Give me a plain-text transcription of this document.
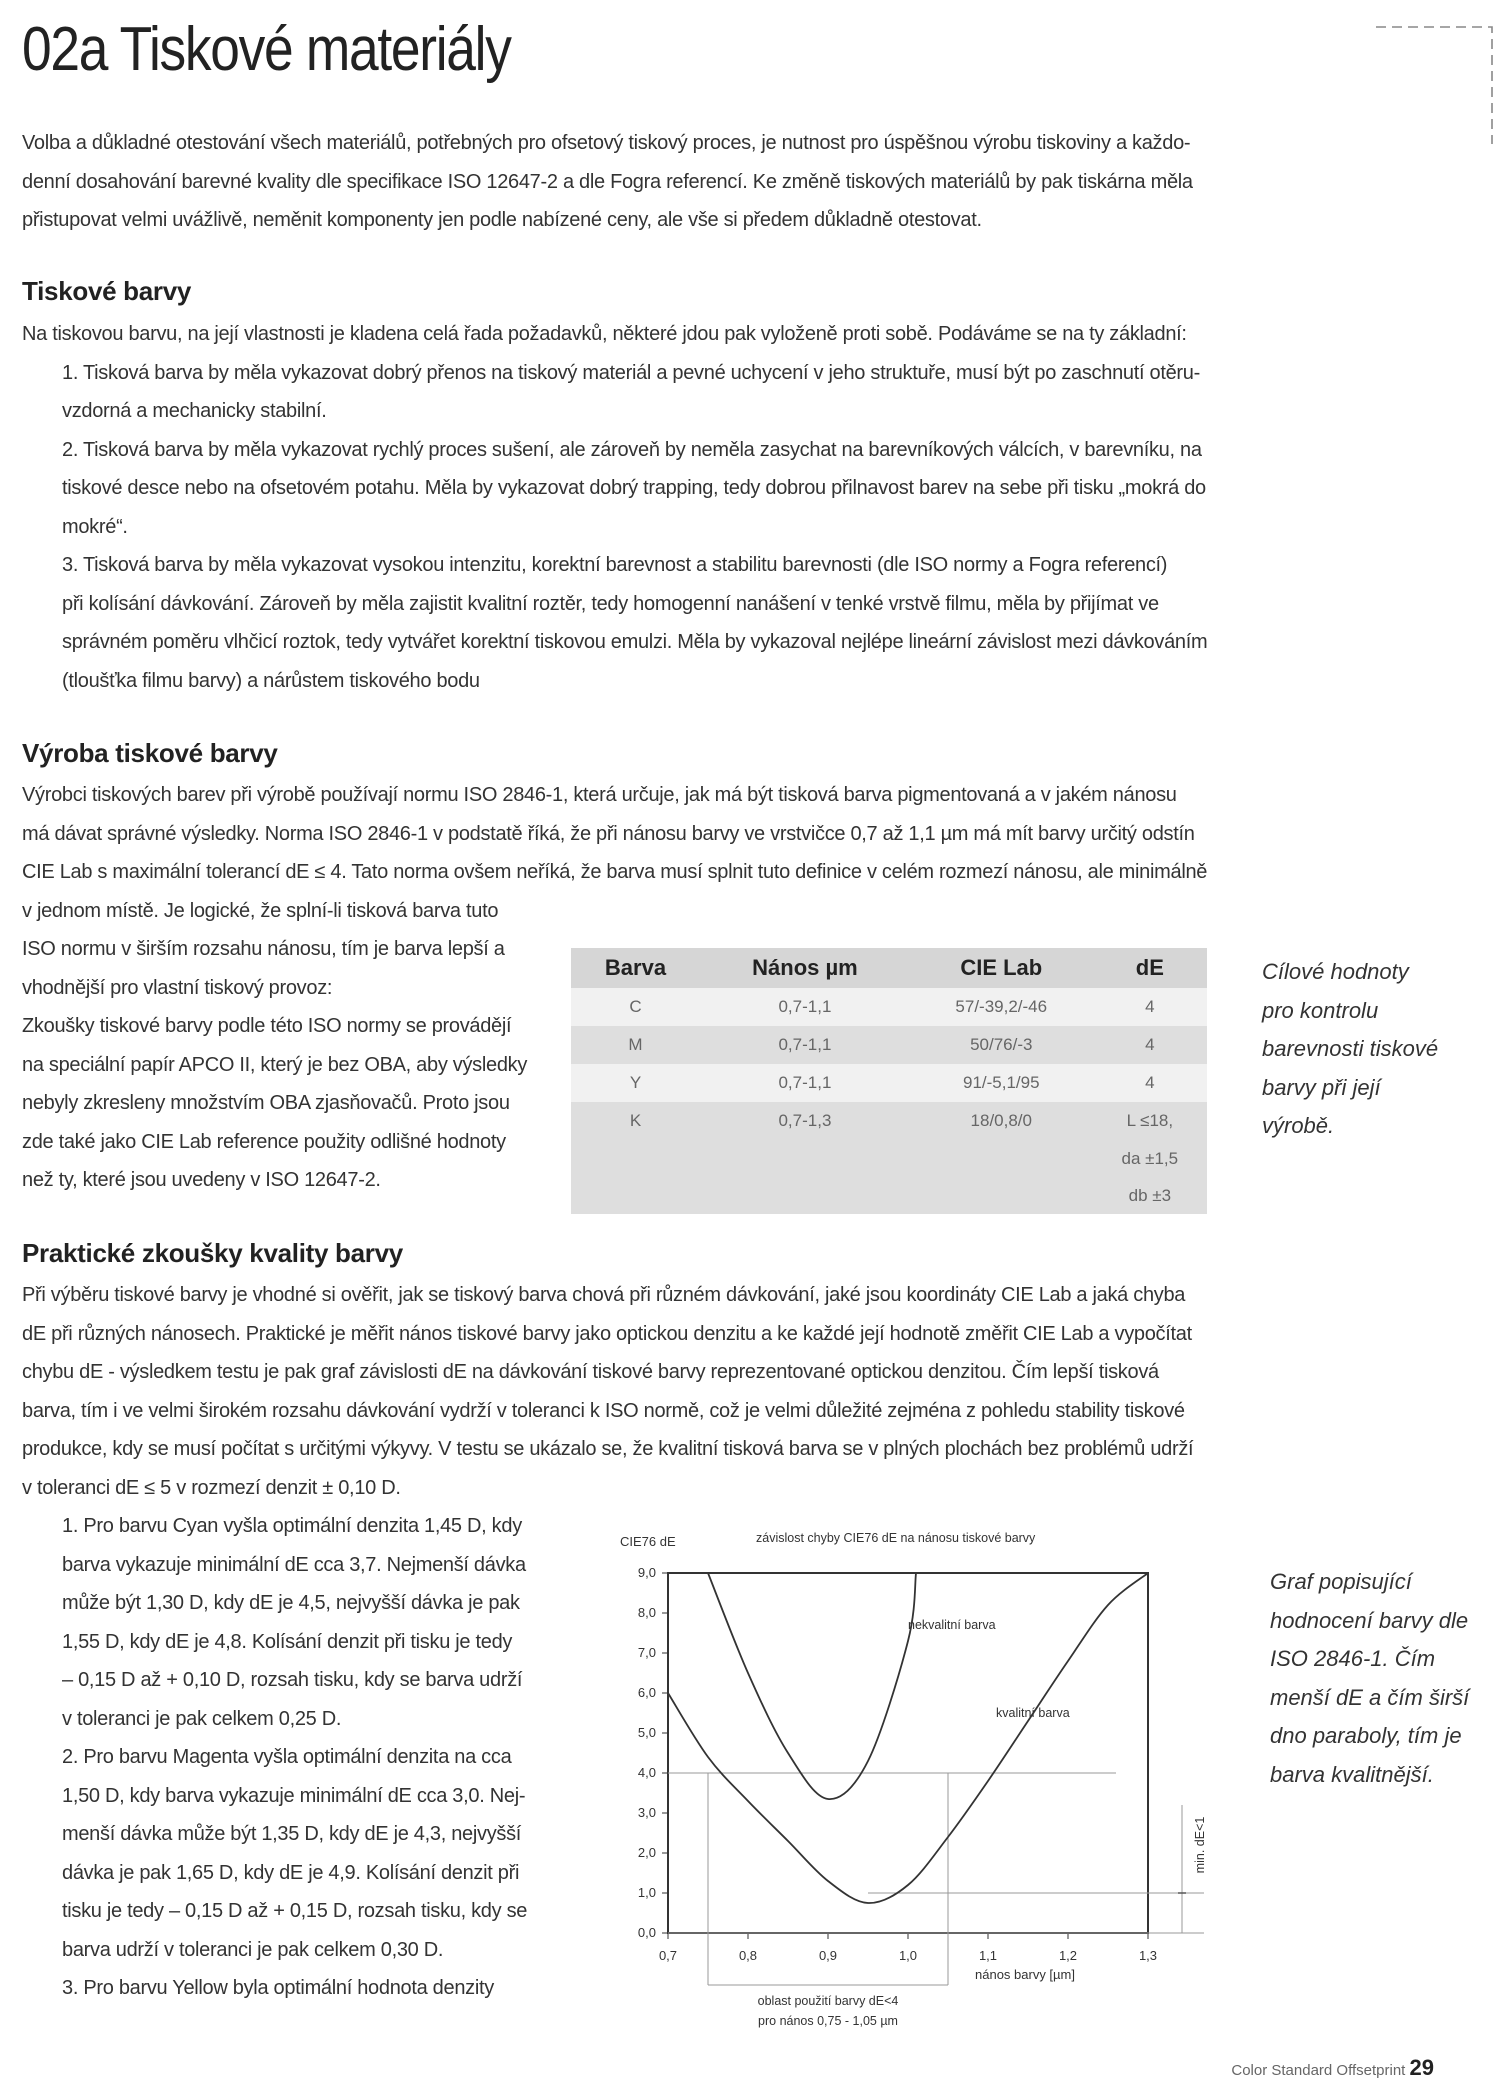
02a Tiskové materiály

Volba a důkladné otestování všech materiálů, potřebných pro ofsetový tiskový proces, je nutnost pro úspěšnou výrobu tiskoviny a každo-

denní dosahování barevné kvality dle specifikace ISO 12647-2 a dle Fogra referencí. Ke změně tiskových materiálů by pak tiskárna měla

přistupovat velmi uvážlivě, neměnit komponenty jen podle nabízené ceny, ale vše si předem důkladně otestovat.

Tiskové barvy

Na tiskovou barvu, na její vlastnosti je kladena celá řada požadavků, některé jdou pak vyloženě proti sobě. Podáváme se na ty základní:

1. Tisková barva by měla vykazovat dobrý přenos na tiskový materiál a pevné uchycení v jeho struktuře, musí být po zaschnutí otěru-

vzdorná a mechanicky stabilní.

2. Tisková barva by měla vykazovat rychlý proces sušení, ale zároveň by neměla zasychat na barevníkových válcích, v barevníku, na

tiskové desce nebo na ofsetovém potahu. Měla by vykazovat dobrý trapping, tedy dobrou přilnavost barev na sebe při tisku „mokrá do

mokré“.

3. Tisková barva by měla vykazovat vysokou intenzitu, korektní barevnost a stabilitu barevnosti (dle ISO normy a Fogra referencí)

při kolísání dávkování. Zároveň by měla zajistit kvalitní roztěr, tedy homogenní nanášení v tenké vrstvě filmu, měla by přijímat ve

správném poměru vlhčicí roztok, tedy vytvářet korektní tiskovou emulzi. Měla by vykazoval nejlépe lineární závislost mezi dávkováním

(tloušťka filmu barvy) a nárůstem tiskového bodu

Výroba tiskové barvy

Výrobci tiskových barev při výrobě používají normu ISO 2846-1, která určuje, jak má být tisková barva pigmentovaná a v jakém nánosu

má dávat správné výsledky. Norma ISO 2846-1 v podstatě říká, že při nánosu barvy ve vrstvičce 0,7 až 1,1 µm má mít barvy určitý odstín

CIE Lab s maximální tolerancí dE ≤ 4. Tato norma ovšem neříká, že barva musí splnit tuto definice v celém rozmezí nánosu, ale minimálně

v jednom místě. Je logické, že splní-li tisková barva tuto

ISO normu v širším rozsahu nánosu, tím je barva lepší a

vhodnější pro vlastní tiskový provoz:

Zkoušky tiskové barvy podle této ISO normy se provádějí

na speciální papír APCO II, který je bez OBA, aby výsledky

nebyly zkresleny množstvím OBA zjasňovačů. Proto jsou

zde také jako CIE Lab reference použity odlišné hodnoty

než ty, které jsou uvedeny v ISO 12647-2.

Barva	Nános µm	CIE Lab	dE
C	0,7-1,1	57/-39,2/-46	4
M	0,7-1,1	50/76/-3	4
Y	0,7-1,1	91/-5,1/95	4
K	0,7-1,3	18/0,8/0	L ≤18,
			da ±1,5
			db ±3
Cílové hodnoty
pro kontrolu
barevnosti tiskové
barvy při její
výrobě.
Praktické zkoušky kvality barvy

Při výběru tiskové barvy je vhodné si ověřit, jak se tiskový barva chová při různém dávkování, jaké jsou koordináty CIE Lab a jaká chyba

dE při různých nánosech. Praktické je měřit nános tiskové barvy jako optickou denzitu a ke každé její hodnotě změřit CIE Lab a vypočítat

chybu dE - výsledkem testu je pak graf závislosti dE na dávkování tiskové barvy reprezentované optickou denzitou. Čím lepší tisková

barva, tím i ve velmi širokém rozsahu dávkování vydrží v toleranci k ISO normě, což je velmi důležité zejména z pohledu stability tiskové

produkce, kdy se musí počítat s určitými výkyvy. V testu se ukázalo se, že kvalitní tisková barva se v plných plochách bez problémů udrží

v toleranci dE ≤ 5 v rozmezí denzit ± 0,10 D.

1. Pro barvu Cyan vyšla optimální denzita 1,45 D, kdy

barva vykazuje minimální dE cca 3,7. Nejmenší dávka

může být 1,30 D, kdy dE je 4,5, nejvyšší dávka je pak

1,55 D, kdy dE je 4,8. Kolísání denzit při tisku je tedy

– 0,15 D až + 0,10 D, rozsah tisku, kdy se barva udrží

v toleranci je pak celkem 0,25 D.

2. Pro barvu Magenta vyšla optimální denzita na cca

1,50 D, kdy barva vykazuje minimální dE cca 3,0. Nej-

menší dávka může být 1,35 D, kdy dE je 4,3, nejvyšší

dávka je pak 1,65 D, kdy dE je 4,9. Kolísání denzit při

tisku je tedy – 0,15 D až + 0,15 D, rozsah tisku, kdy se

barva udrží v toleranci je pak celkem 0,30 D.

3. Pro barvu Yellow byla optimální hodnota denzity

0,0
1,0
2,0
3,0
4,0
5,0
6,0
7,0
8,0
9,0
0,7	0,8	0,9	1,0	1,1	1,2	1,3
CIE76 dE	závislost chyby CIE76 dE na nánosu tiskové barvy
nános barvy [µm]
oblast použití barvy dE<4
pro nános 0,75 - 1,05 µm
min. dE<1
nekvalitní barva
kvalitní barva
Graf popisující
hodnocení barvy dle
ISO 2846-1. Čím
menší dE a čím širší
dno paraboly, tím je
barva kvalitnější.
Color Standard Offsetprint 29
